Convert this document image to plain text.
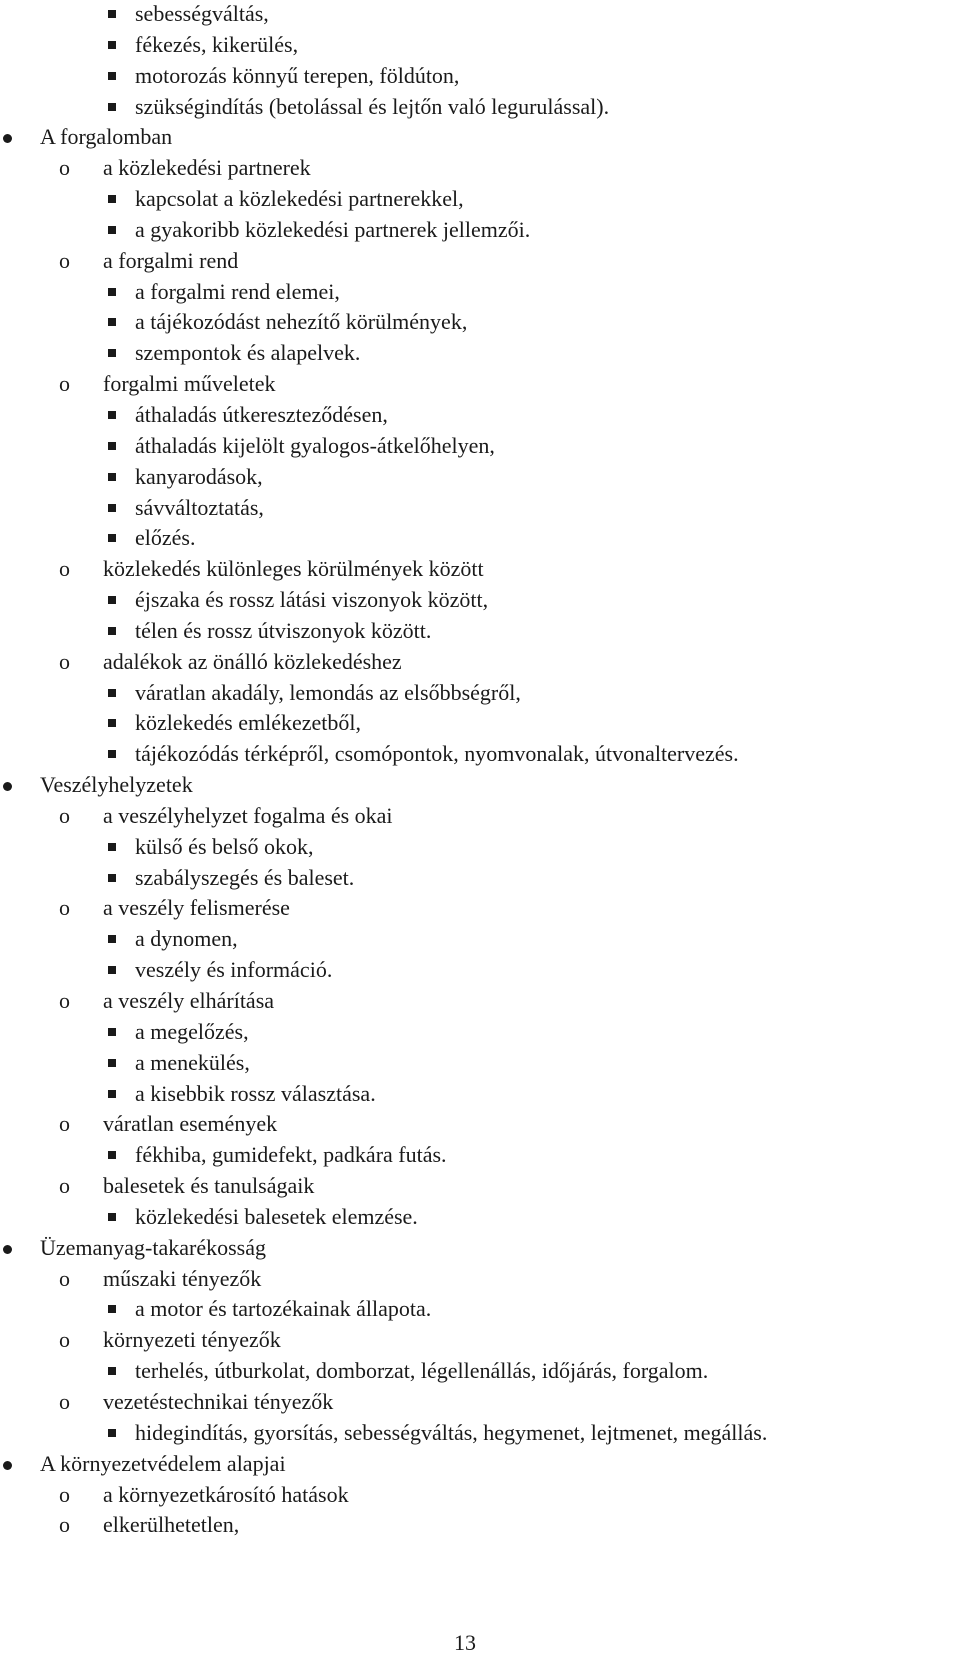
sebességváltás,
fékezés, kikerülés,
motorozás könnyű terepen, földúton,
szükségindítás (betolással és lejtőn való legurulással).
A forgalomban
o a közlekedési partnerek
kapcsolat a közlekedési partnerekkel,
a gyakoribb közlekedési partnerek jellemzői.
o a forgalmi rend
a forgalmi rend elemei,
a tájékozódást nehezítő körülmények,
szempontok és alapelvek.
o forgalmi műveletek
áthaladás útkereszteződésen,
áthaladás kijelölt gyalogos-átkelőhelyen,
kanyarodások,
sávváltoztatás,
előzés.
o közlekedés különleges körülmények között
éjszaka és rossz látási viszonyok között,
télen és rossz útviszonyok között.
o adalékok az önálló közlekedéshez
váratlan akadály, lemondás az elsőbbségről,
közlekedés emlékezetből,
tájékozódás térképről, csomópontok, nyomvonalak, útvonaltervezés.
Veszélyhelyzetek
o a veszélyhelyzet fogalma és okai
külső és belső okok,
szabályszegés és baleset.
o a veszély felismerése
a dynomen,
veszély és információ.
o a veszély elhárítása
a megelőzés,
a menekülés,
a kisebbik rossz választása.
o váratlan események
fékhiba, gumidefekt, padkára futás.
o balesetek és tanulságaik
közlekedési balesetek elemzése.
Üzemanyag-takarékosság
o műszaki tényezők
a motor és tartozékainak állapota.
o környezeti tényezők
terhelés, útburkolat, domborzat, légellenállás, időjárás, forgalom.
o vezetéstechnikai tényezők
hidegindítás, gyorsítás, sebességváltás, hegymenet, lejtmenet, megállás.
A környezetvédelem alapjai
o a környezetkárosító hatások
o elkerülhetetlen,
13
